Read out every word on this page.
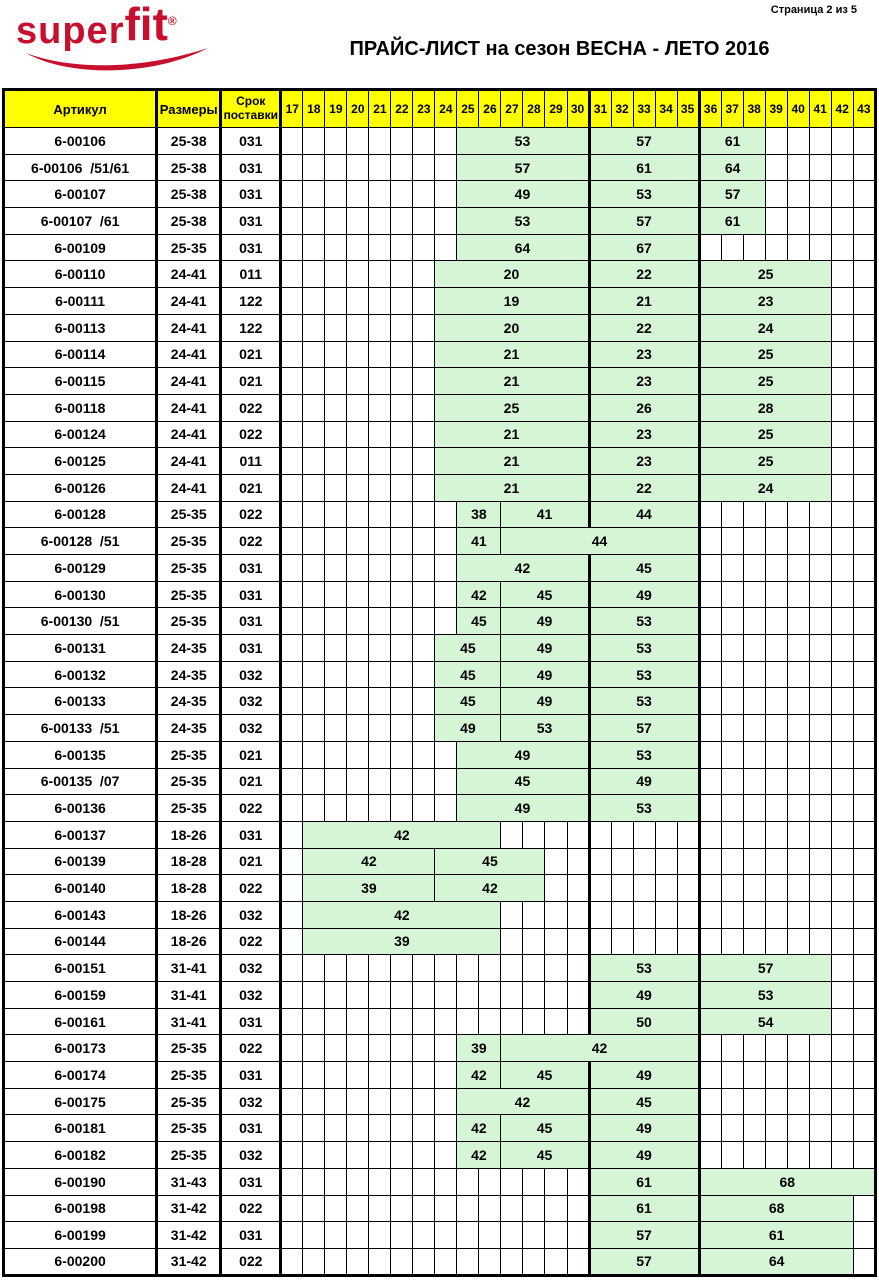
Страница 2 из 5
superfit®
ПРАЙС-ЛИСТ на сезон ВЕСНА - ЛЕТО 2016
Артикул	Размеры	Срок поставки	17	18	19	20	21	22	23	24	25	26	27	28	29	30	31	32	33	34	35	36	37	38	39	40	41	42	43
6-00106	25-38	031									53						57					61							
6-00106  /51/61	25-38	031									57						61					64							
6-00107	25-38	031									49						53					57							
6-00107  /61	25-38	031									53						57					61							
6-00109	25-35	031									64						67												
6-00110	24-41	011								20							22					25							
6-00111	24-41	122								19							21					23							
6-00113	24-41	122								20							22					24							
6-00114	24-41	021								21							23					25							
6-00115	24-41	021								21							23					25							
6-00118	24-41	022								25							26					28							
6-00124	24-41	022								21							23					25							
6-00125	24-41	011								21							23					25							
6-00126	24-41	021								21							22					24							
6-00128	25-35	022									38		41				44												
6-00128  /51	25-35	022									41		44																
6-00129	25-35	031									42						45												
6-00130	25-35	031									42		45				49												
6-00130  /51	25-35	031									45		49				53												
6-00131	24-35	031								45			49				53												
6-00132	24-35	032								45			49				53												
6-00133	24-35	032								45			49				53												
6-00133  /51	24-35	032								49			53				57												
6-00135	25-35	021									49						53												
6-00135  /07	25-35	021									45						49												
6-00136	25-35	022									49						53												
6-00137	18-26	031		42																									
6-00139	18-28	021		42						45																			
6-00140	18-28	022		39						42																			
6-00143	18-26	032		42																									
6-00144	18-26	022		39																									
6-00151	31-41	032															53					57							
6-00159	31-41	032															49					53							
6-00161	31-41	031															50					54							
6-00173	25-35	022									39		42																
6-00174	25-35	031									42		45				49												
6-00175	25-35	032									42						45												
6-00181	25-35	031									42		45				49												
6-00182	25-35	032									42		45				49												
6-00190	31-43	031															61					68							
6-00198	31-42	022															61					68							
6-00199	31-42	031															57					61							
6-00200	31-42	022															57					64							
